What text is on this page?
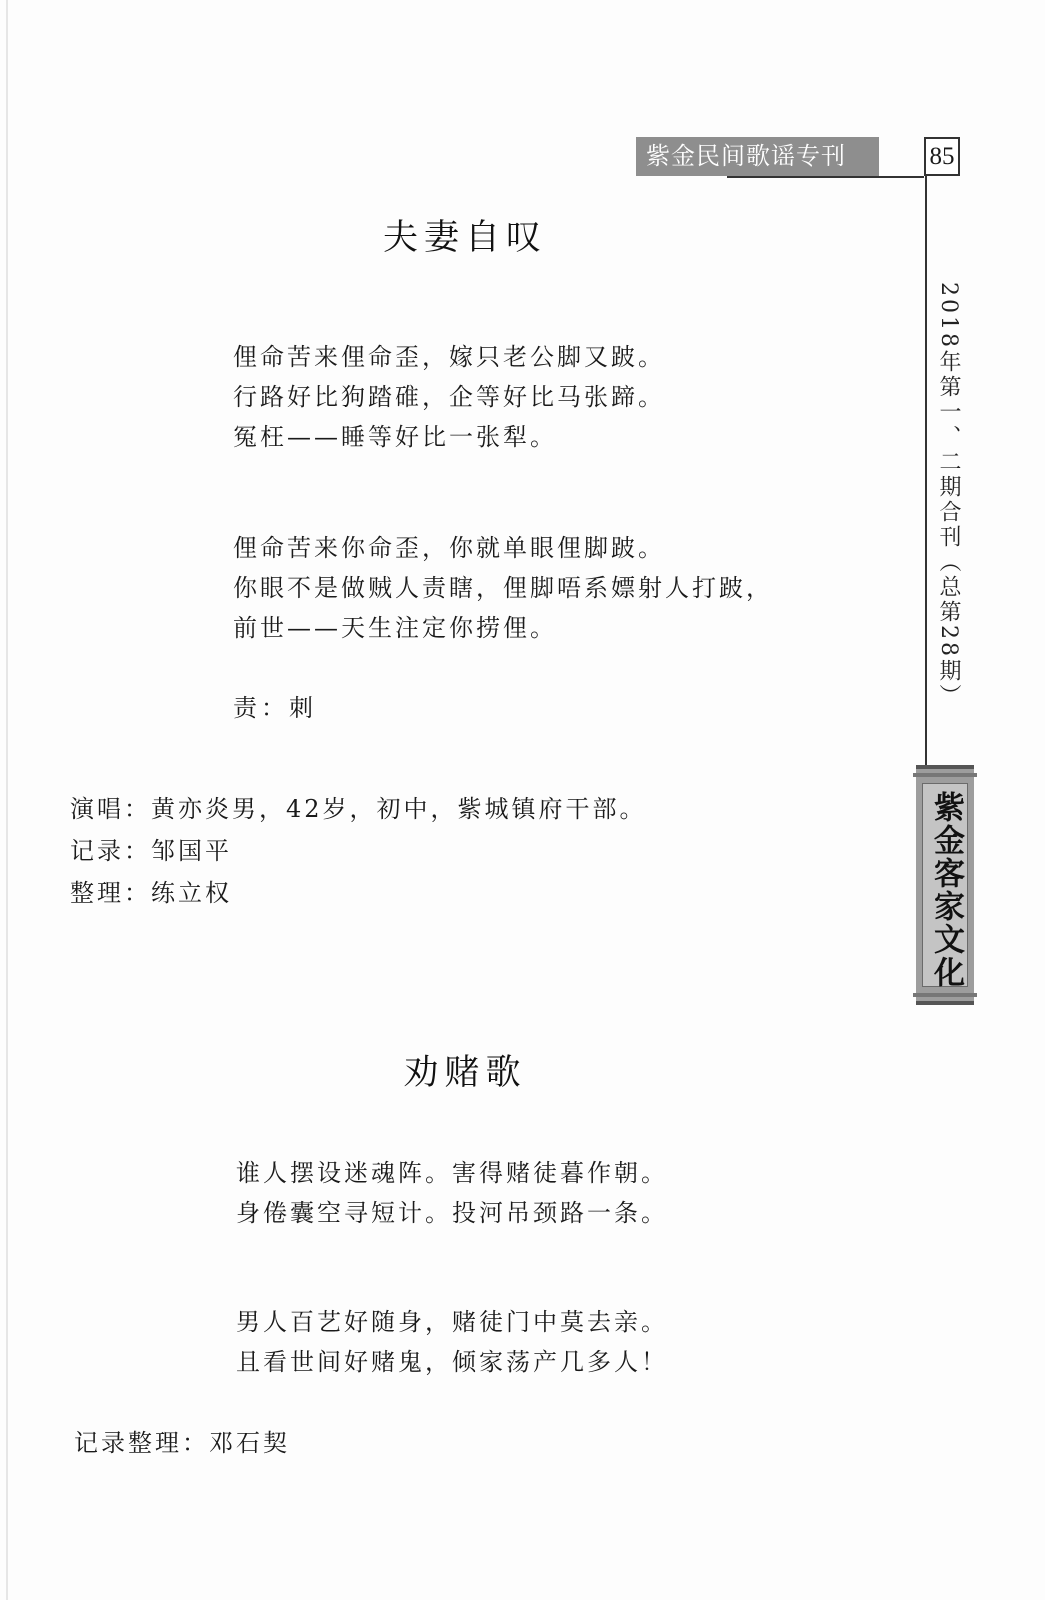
紫金民间歌谣专刊	85
2018年第一、二期合刊（总第28期）
紫金客家文化
夫妻自叹
俚命苦来俚命歪，嫁只老公脚又跛。
行路好比狗踏碓，企等好比马张蹄。
冤枉——睡等好比一张犁。
俚命苦来你命歪，你就单眼俚脚跛。
你眼不是做贼人责瞎，俚脚唔系嫖射人打跛，
前世——天生注定你捞俚。
责：刺
演唱：黄亦炎男，42岁，初中，紫城镇府干部。
记录：邹国平
整理：练立权
劝赌歌
谁人摆设迷魂阵。害得赌徒暮作朝。
身倦囊空寻短计。投河吊颈路一条。
男人百艺好随身，赌徒门中莫去亲。
且看世间好赌鬼，倾家荡产几多人！
记录整理：邓石契
